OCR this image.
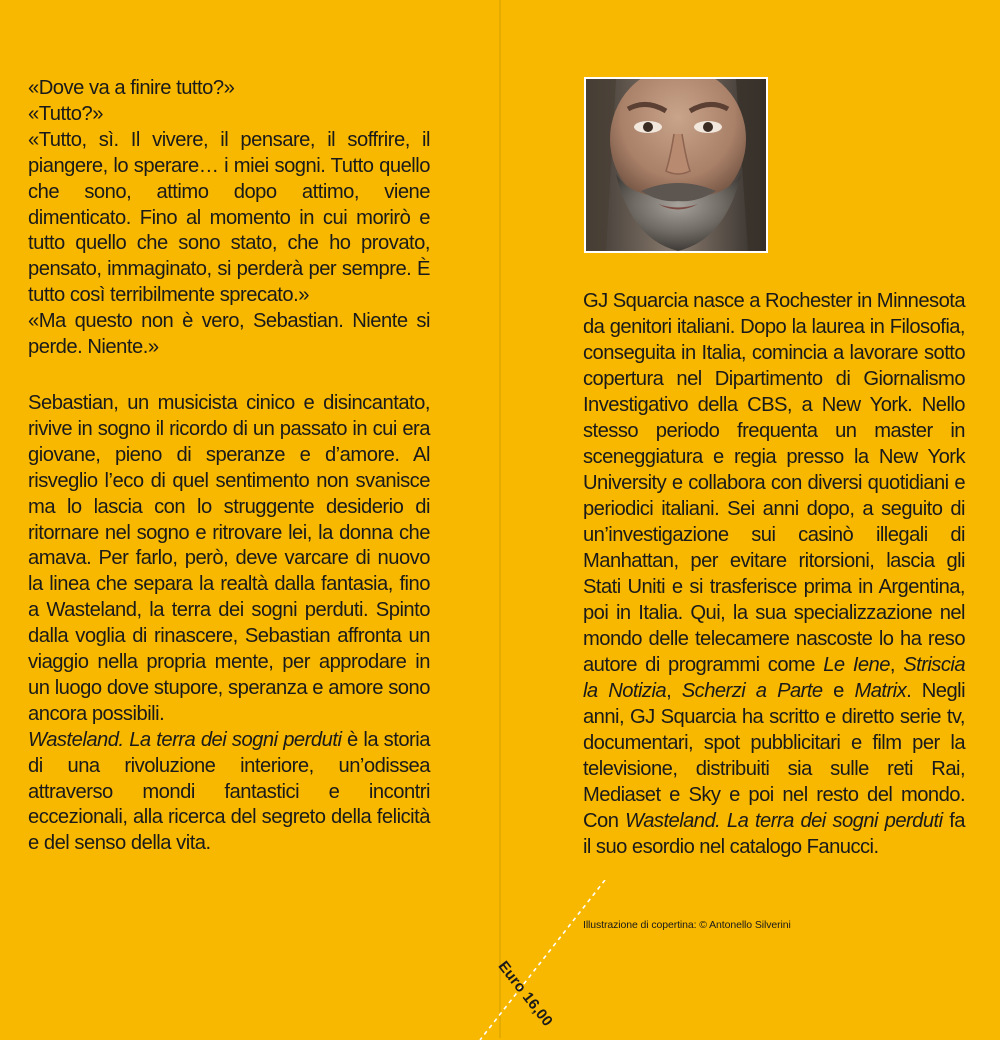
«Dove va a finire tutto?»

«Tutto?»

«Tutto, sì. Il vivere, il pensare, il soffrire, il piangere, lo sperare… i miei sogni. Tutto quello che sono, attimo dopo attimo, viene dimenticato. Fino al momento in cui morirò e tutto quello che sono stato, che ho provato, pensato, immaginato, si perderà per sempre. È tutto così terribilmente sprecato.»

«Ma questo non è vero, Sebastian. Niente si perde. Niente.»

Sebastian, un musicista cinico e disincantato, rivive in sogno il ricordo di un passato in cui era giovane, pieno di speranze e d’amore. Al risveglio l’eco di quel sentimento non svanisce ma lo lascia con lo struggente desiderio di ritornare nel sogno e ritrovare lei, la donna che amava. Per farlo, però, deve varcare di nuovo la linea che separa la realtà dalla fantasia, fino a Wasteland, la terra dei sogni perduti. Spinto dalla voglia di rinascere, Sebastian affronta un viaggio nella propria mente, per approdare in un luogo dove stupore, speranza e amore sono ancora possibili.

Wasteland. La terra dei sogni perduti è la storia di una rivoluzione interiore, un’odissea attraverso mondi fantastici e incontri eccezionali, alla ricerca del segreto della felicità e del senso della vita.

GJ Squarcia nasce a Rochester in Minnesota da genitori italiani. Dopo la laurea in Filosofia, conseguita in Italia, comincia a lavorare sotto copertura nel Dipartimento di Giornalismo Investigativo della CBS, a New York. Nello stesso periodo frequenta un master in sceneggiatura e regia presso la New York University e collabora con diversi quotidiani e periodici italiani. Sei anni dopo, a seguito di un’investigazione sui casinò illegali di Manhattan, per evitare ritorsioni, lascia gli Stati Uniti e si trasferisce prima in Argentina, poi in Italia. Qui, la sua specializzazione nel mondo delle telecamere nascoste lo ha reso autore di programmi come Le Iene, Striscia la Notizia, Scherzi a Parte e Matrix. Negli anni, GJ Squarcia ha scritto e diretto serie tv, documentari, spot pubblicitari e film per la televisione, distribuiti sia sulle reti Rai, Mediaset e Sky e poi nel resto del mondo. Con Wasteland. La terra dei sogni perduti fa il suo esordio nel catalogo Fanucci.

Illustrazione di copertina: © Antonello Silverini
Euro 16,00
